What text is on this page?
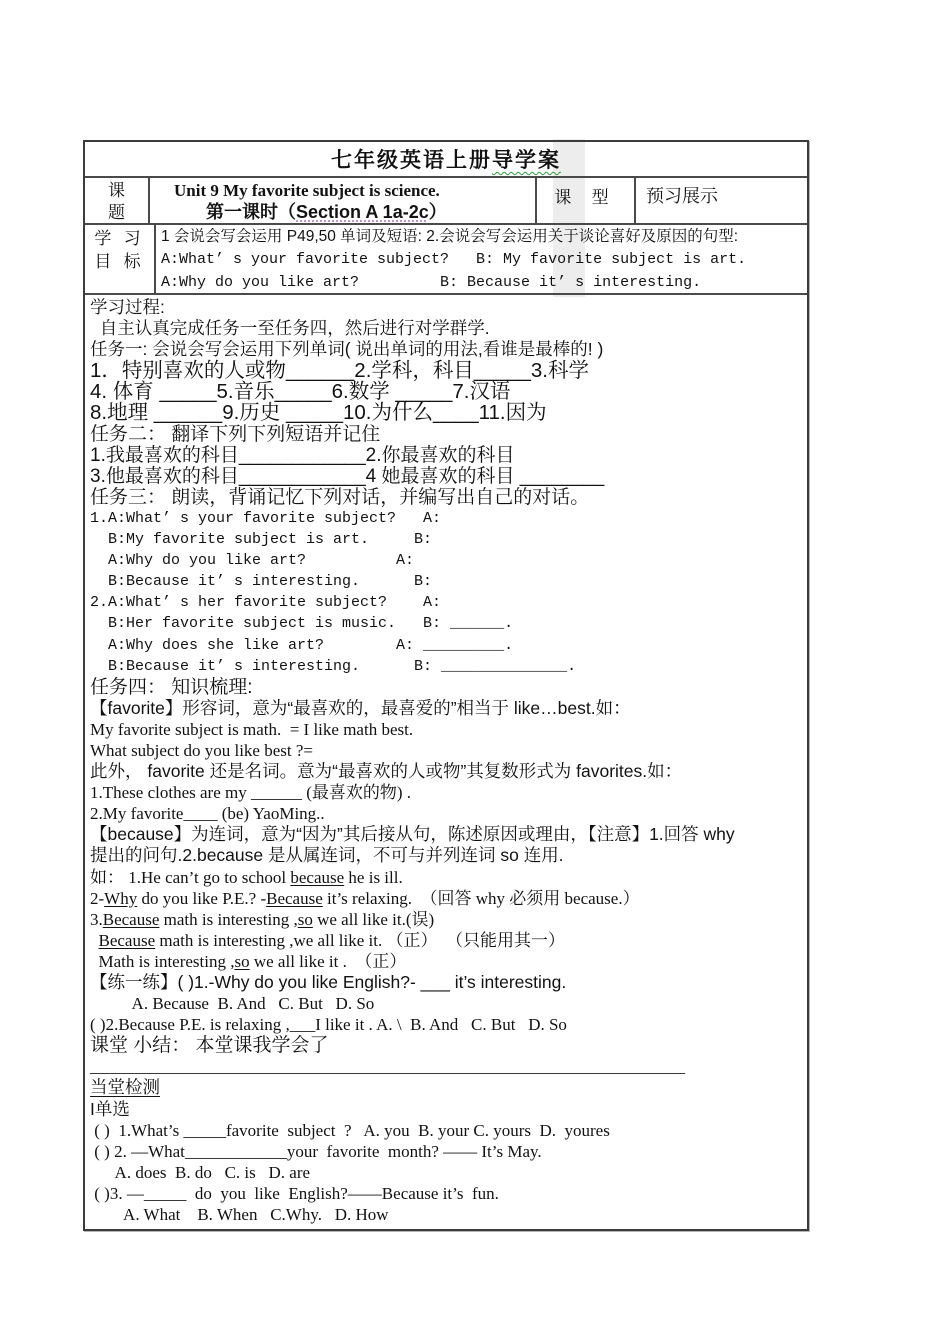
七年级英语上册 导学案
课
题
Unit 9 My favorite subject is science.
第一课时（Section A 1a-2c）
课 型	预习展示
学 习
目 标
1 会说会写会运用 P49,50 单词及短语: 2.会说会写会运用关于谈论喜好及原因的句型:
A:What’ s your favorite subject?   B: My favorite subject is art.
A:Why do you like art?         B: Because it’ s interesting.
学习过程:
自主认真完成任务一至任务四，然后进行对学群学.
任务一: 会说会写会运用下列单词( 说出单词的用法,看谁是最棒的! )
1．特别喜欢的人或物______2.学科，科目_____3.科学
4. 体育 _____5.音乐_____6.数学 _____7.汉语
8.地理 ______9.历史 _____10.为什么____11.因为
任务二： 翻译下列下列短语并记住
1.我最喜欢的科目____________2.你最喜欢的科目
3.他最喜欢的科目____________4 她最喜欢的科目 ________
任务三： 朗读，背诵记忆下列对话，并编写出自己的对话。
1.A:What’ s your favorite subject?   A:
B:My favorite subject is art.     B:
A:Why do you like art?          A:
B:Because it’ s interesting.      B:
2.A:What’ s her favorite subject?    A:
B:Her favorite subject is music.   B: ______.
A:Why does she like art?        A: _________.
B:Because it’ s interesting.      B: ______________.
任务四： 知识梳理:
【favorite】形容词，意为“最喜欢的，最喜爱的”相当于 like…best.如：
My favorite subject is math.  = I like math best.
What subject do you like best ?=
此外， favorite 还是名词。意为“最喜欢的人或物”其复数形式为 favorites.如：
1.These clothes are my ______ (最喜欢的物) .
2.My favorite____ (be) YaoMing..
【because】为连词，意为“因为”其后接从句，陈述原因或理由，【注意】1.回答 why
提出的问句.2.because 是从属连词，不可与并列连词 so 连用.
如： 1.He can’t go to school because he is ill.
2-Why do you like P.E.? -Because it’s relaxing.  （回答 why 必须用 because.）
3.Because math is interesting ,so we all like it.(误)
Because math is interesting ,we all like it. （正）  （只能用其一）
Math is interesting ,so we all like it .  （正）
【练一练】( )1.-Why do you like English?- ___ it’s interesting.
A. Because  B. And   C. But   D. So
( )2.Because P.E. is relaxing ,___I like it . A. \  B. And   C. But   D. So
课堂 小结： 本堂课我学会了
______________________________________________________________________
当堂检测
I单选
( )  1.What’s _____favorite  subject  ?   A. you  B. your C. yours  D.  youres
( ) 2. —What____________your  favorite  month? —— It’s May.
A. does  B. do   C. is   D. are
( )3. —_____  do  you  like  English?——Because it’s  fun.
A. What    B. When   C.Why.   D. How
